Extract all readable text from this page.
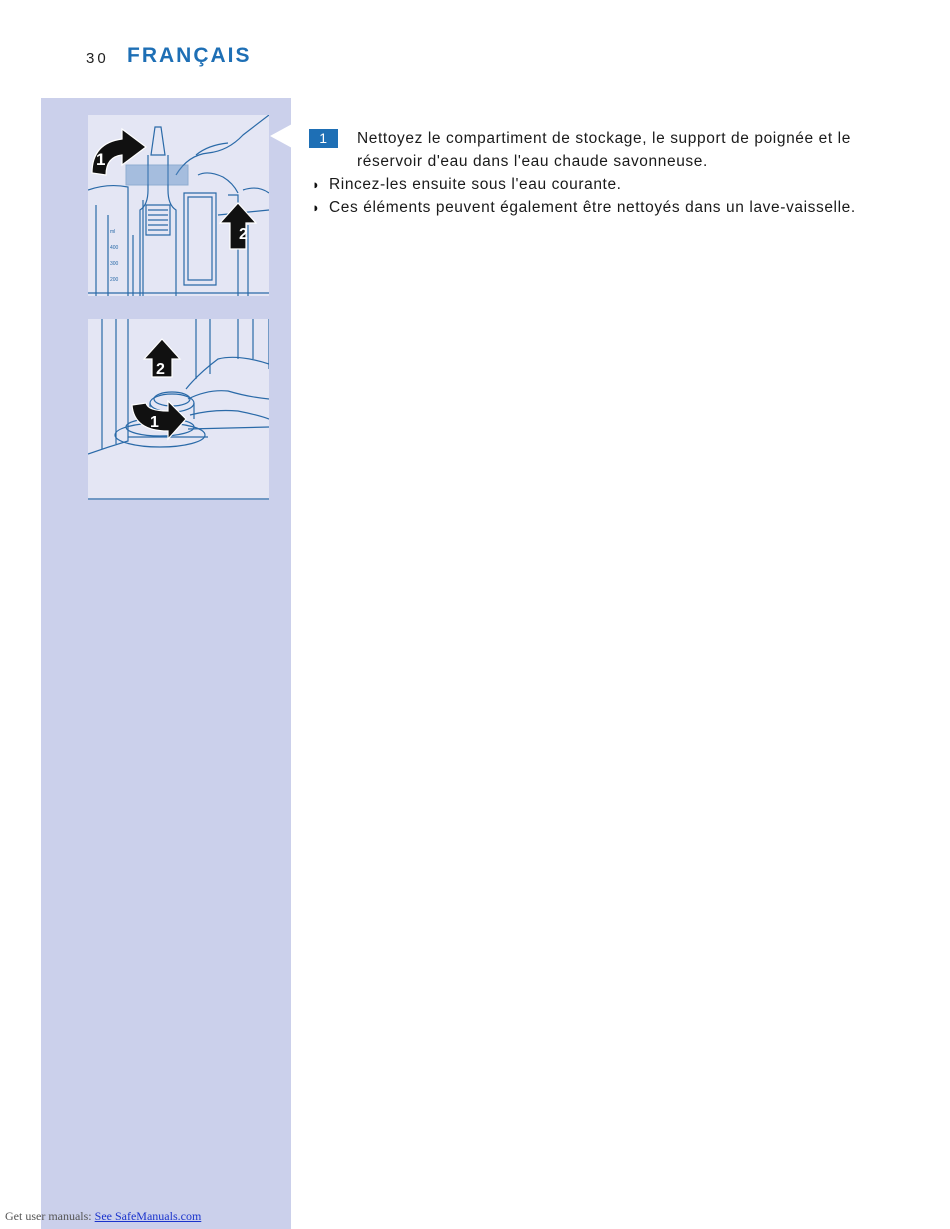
30 FRANÇAIS
ml
400
300
200
1
2
2
1
1	Nettoyez le compartiment de stockage, le support de poignée et le
réservoir d'eau dans l'eau chaude savonneuse.
◗ Rincez-les ensuite sous l'eau courante.
◗ Ces éléments peuvent également être nettoyés dans un lave-vaisselle.
Get user manuals: See SafeManuals.com
